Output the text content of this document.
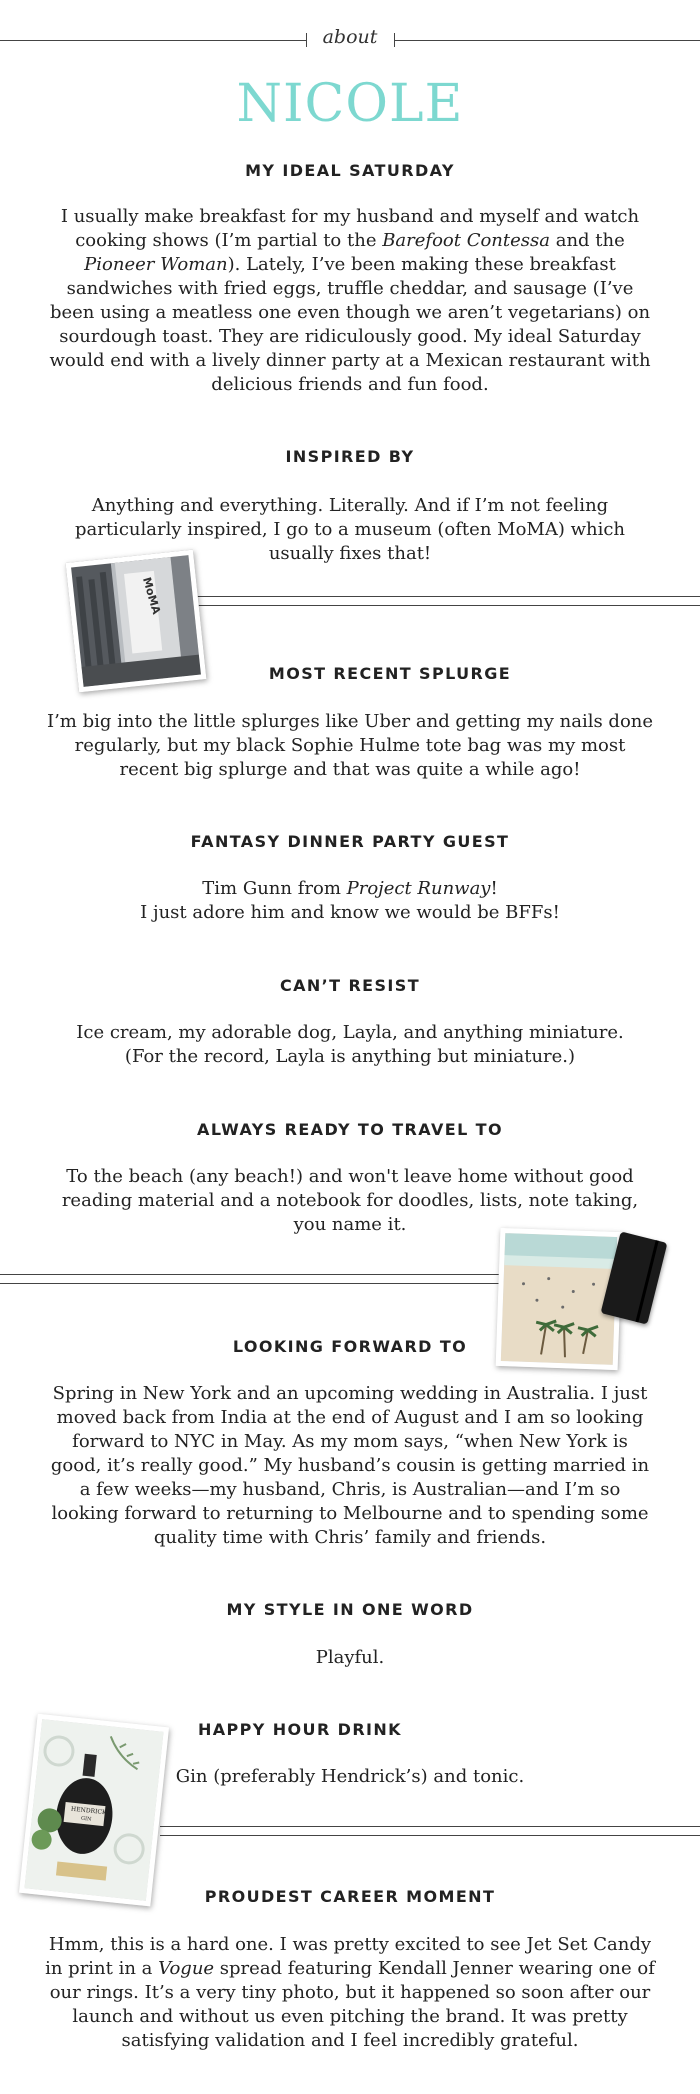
about
NICOLE
MY IDEAL SATURDAY
I usually make breakfast for my husband and myself and watch cooking shows (I’m partial to the Barefoot Contessa and the Pioneer Woman). Lately, I’ve been making these breakfast sandwiches with fried eggs, truffle cheddar, and sausage (I’ve been using a meatless one even though we aren’t vegetarians) on sourdough toast. They are ridiculously good. My ideal Saturday would end with a lively dinner party at a Mexican restaurant with delicious friends and fun food.
INSPIRED BY
Anything and everything. Literally. And if I’m not feeling particularly inspired, I go to a museum (often MoMA) which usually fixes that!
MoMA
MOST RECENT SPLURGE
I’m big into the little splurges like Uber and getting my nails done regularly, but my black Sophie Hulme tote bag was my most recent big splurge and that was quite a while ago!
FANTASY DINNER PARTY GUEST
Tim Gunn from Project Runway!
I just adore him and know we would be BFFs!
CAN’T RESIST
Ice cream, my adorable dog, Layla, and anything miniature.
(For the record, Layla is anything but miniature.)
ALWAYS READY TO TRAVEL TO
To the beach (any beach!) and won't leave home without good reading material and a notebook for doodles, lists, note taking, you name it.
LOOKING FORWARD TO
Spring in New York and an upcoming wedding in Australia. I just moved back from India at the end of August and I am so looking forward to NYC in May. As my mom says, “when New York is good, it’s really good.” My husband’s cousin is getting married in a few weeks—my husband, Chris, is Australian—and I’m so looking forward to returning to Melbourne and to spending some quality time with Chris’ family and friends.
MY STYLE IN ONE WORD
Playful.
HAPPY HOUR DRINK
Gin (preferably Hendrick’s) and tonic.
HENDRICK'S
GIN
PROUDEST CAREER MOMENT
Hmm, this is a hard one. I was pretty excited to see Jet Set Candy in print in a Vogue spread featuring Kendall Jenner wearing one of our rings. It’s a very tiny photo, but it happened so soon after our launch and without us even pitching the brand. It was pretty satisfying validation and I feel incredibly grateful.
